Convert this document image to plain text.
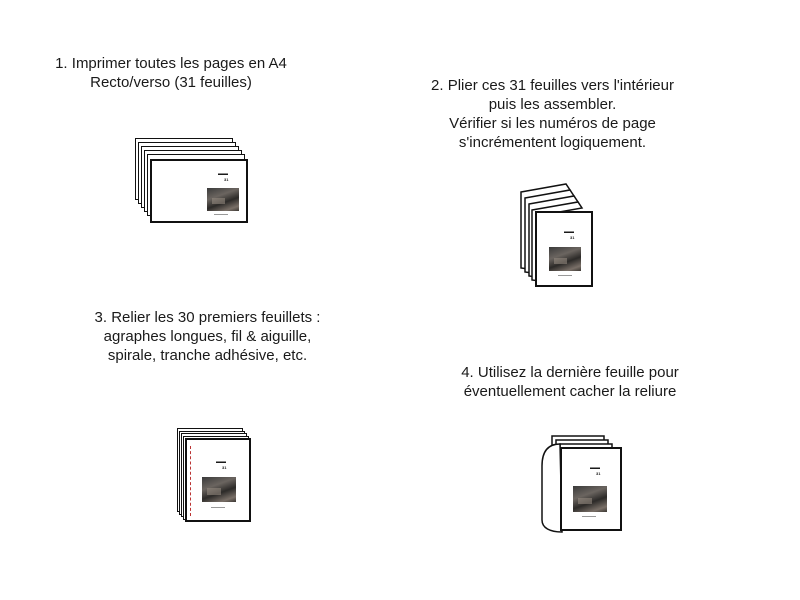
1. Imprimer toutes les pages en A4
Recto/verso (31 feuilles)
▬▬
31
2. Plier ces 31 feuilles vers l'intérieur
puis les assembler.
Vérifier si les numéros de page
s'incrémentent logiquement.
▬▬
31
3. Relier les 30 premiers feuillets :
agraphes longues, fil & aiguille,
spirale, tranche adhésive, etc.
▬▬
31
4. Utilisez la dernière feuille pour
éventuellement cacher la reliure
▬▬
31
